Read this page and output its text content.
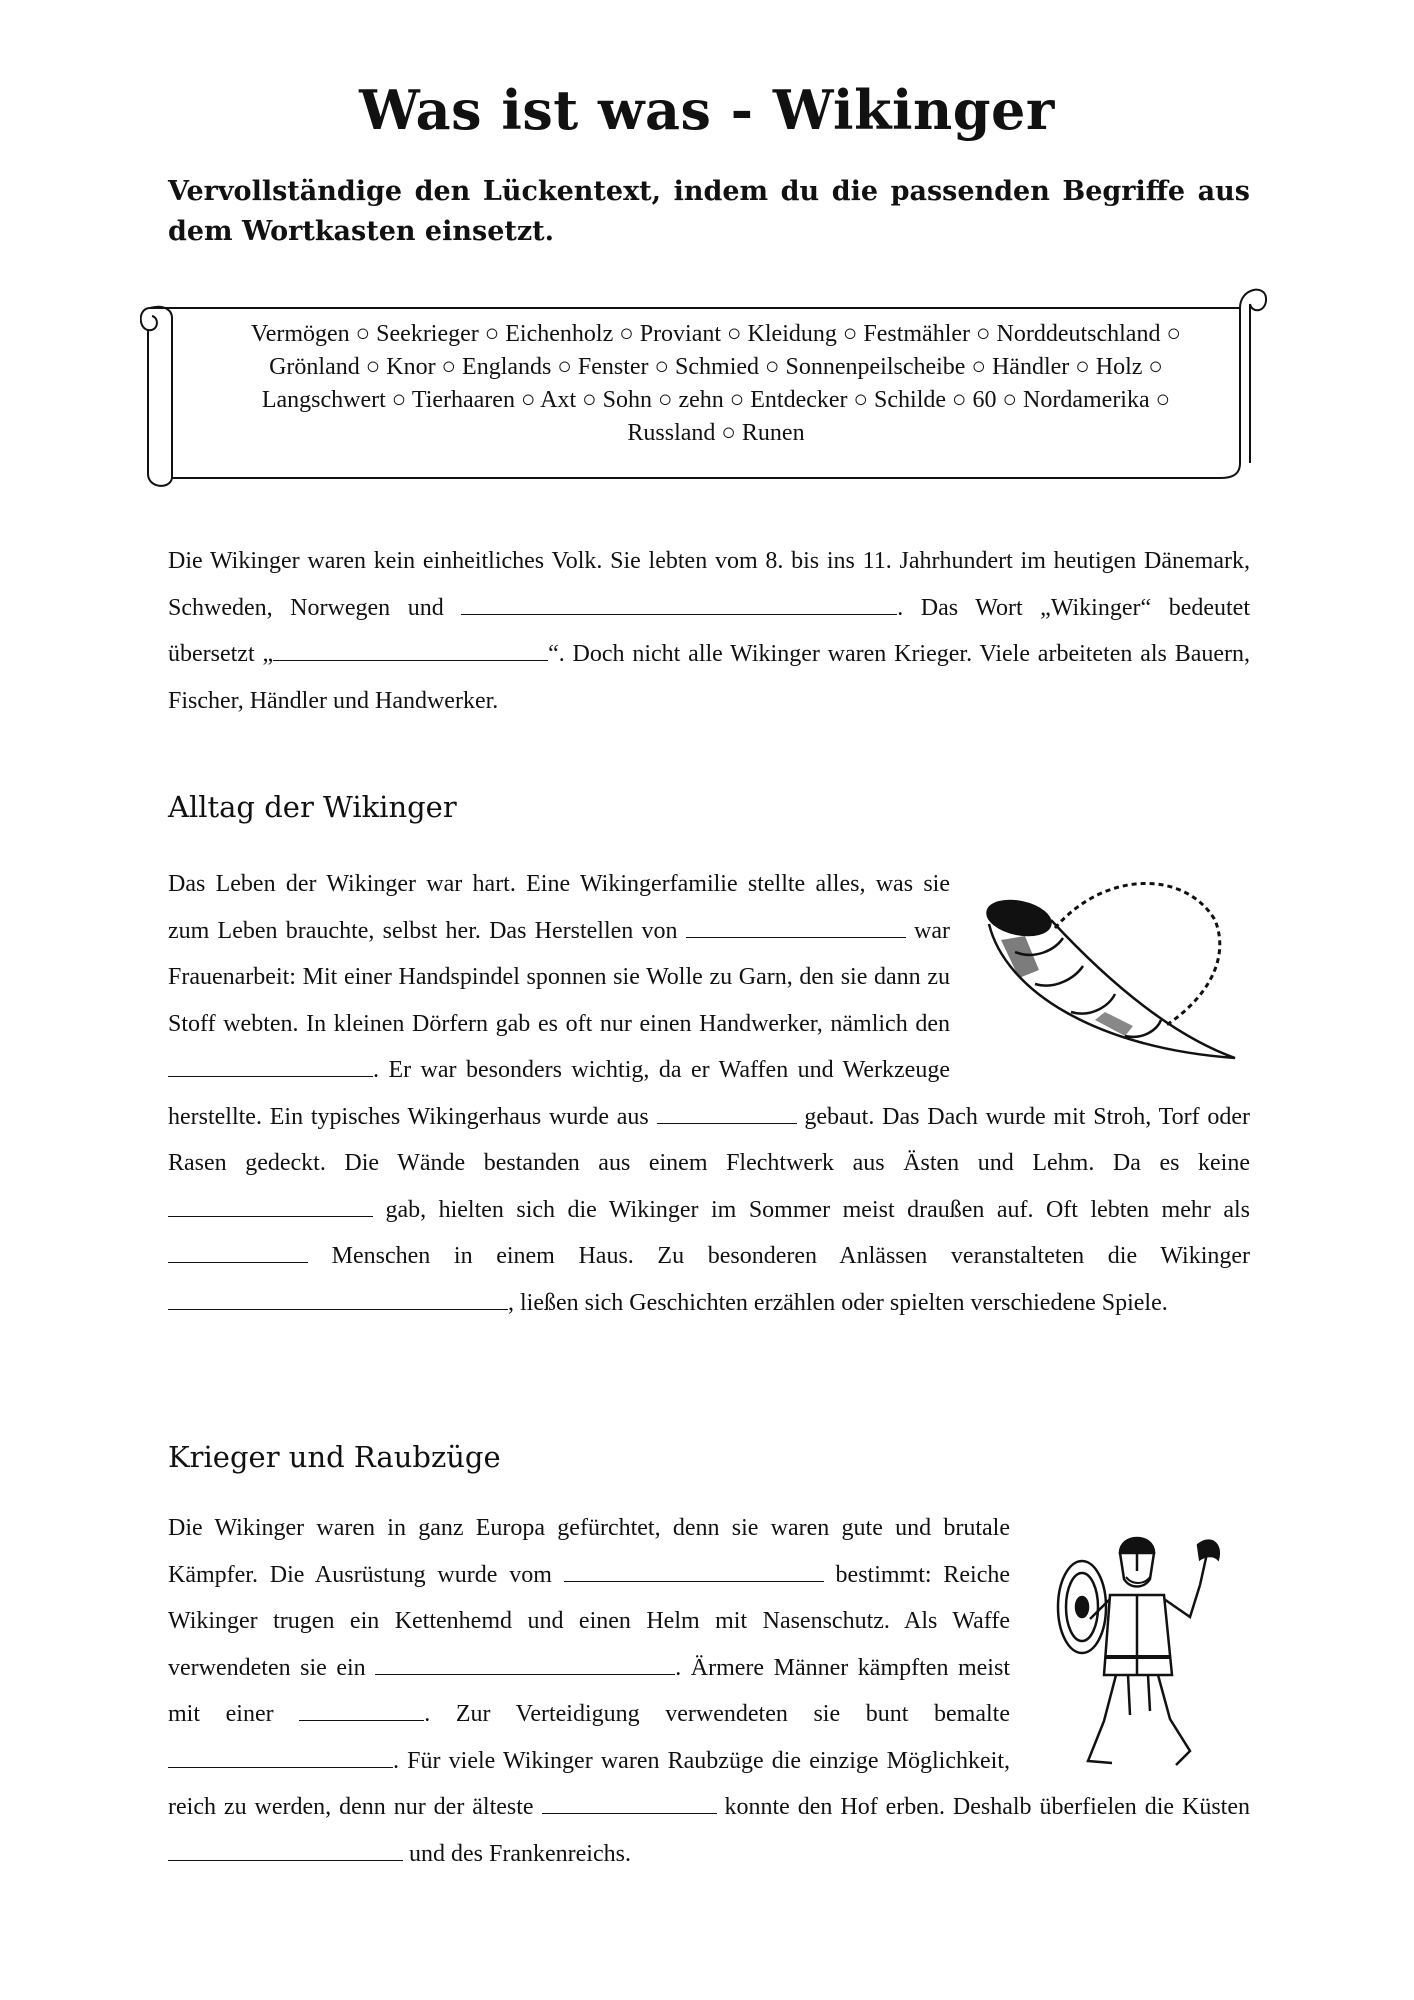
Was ist was - Wikinger
Vervollständige den Lückentext, indem du die passenden Begriffe aus dem Wortkasten einsetzt.
Vermögen ○ Seekrieger ○ Eichenholz ○ Proviant ○ Kleidung ○ Festmähler ○ Norddeutschland ○
Grönland ○ Knor ○ Englands ○ Fenster ○ Schmied ○ Sonnenpeilscheibe ○ Händler ○ Holz ○
Langschwert ○ Tierhaaren ○ Axt ○ Sohn ○ zehn ○ Entdecker ○ Schilde ○ 60 ○ Nordamerika ○
Russland ○ Runen

Die Wikinger waren kein einheitliches Volk. Sie lebten vom 8. bis ins 11. Jahrhundert im heutigen Dänemark, Schweden, Norwegen und	. Das Wort „Wikinger“ bedeutet übersetzt „	“. Doch nicht alle Wikinger waren Krieger. Viele arbeiteten als Bauern, Fischer, Händler und Handwerker.

Alltag der Wikinger

Das Leben der Wikinger war hart. Eine Wikingerfamilie stellte alles, was sie zum Leben brauchte, selbst her. Das Herstellen von	war Frauenarbeit: Mit einer Handspindel sponnen sie Wolle zu Garn, den sie dann zu Stoff webten. In kleinen Dörfern gab es oft nur einen Handwerker, nämlich den . Er war besonders wichtig, da er Waffen und Werkzeuge herstellte. Ein typisches Wikingerhaus wurde aus	gebaut. Das Dach wurde mit Stroh, Torf oder Rasen gedeckt. Die Wände bestanden aus einem Flechtwerk aus Ästen und Lehm. Da es keine  gab, hielten sich die Wikinger im Sommer meist draußen auf. Oft lebten mehr als  Menschen in einem Haus. Zu besonderen Anlässen veranstalteten die Wikinger , ließen sich Geschichten erzählen oder spielten verschiedene Spiele.

Krieger und Raubzüge

Die Wikinger waren in ganz Europa gefürchtet, denn sie waren gute und brutale Kämpfer. Die Ausrüstung wurde vom	bestimmt: Reiche Wikinger trugen ein Kettenhemd und einen Helm mit Nasenschutz. Als Waffe verwendeten sie ein	. Ärmere Männer kämpften meist mit einer	. Zur Verteidigung verwendeten sie bunt bemalte . Für viele Wikinger waren Raubzüge die einzige Möglichkeit, reich zu werden, denn nur der älteste	konnte den Hof erben. Deshalb überfielen die Küsten  und des Frankenreichs.
